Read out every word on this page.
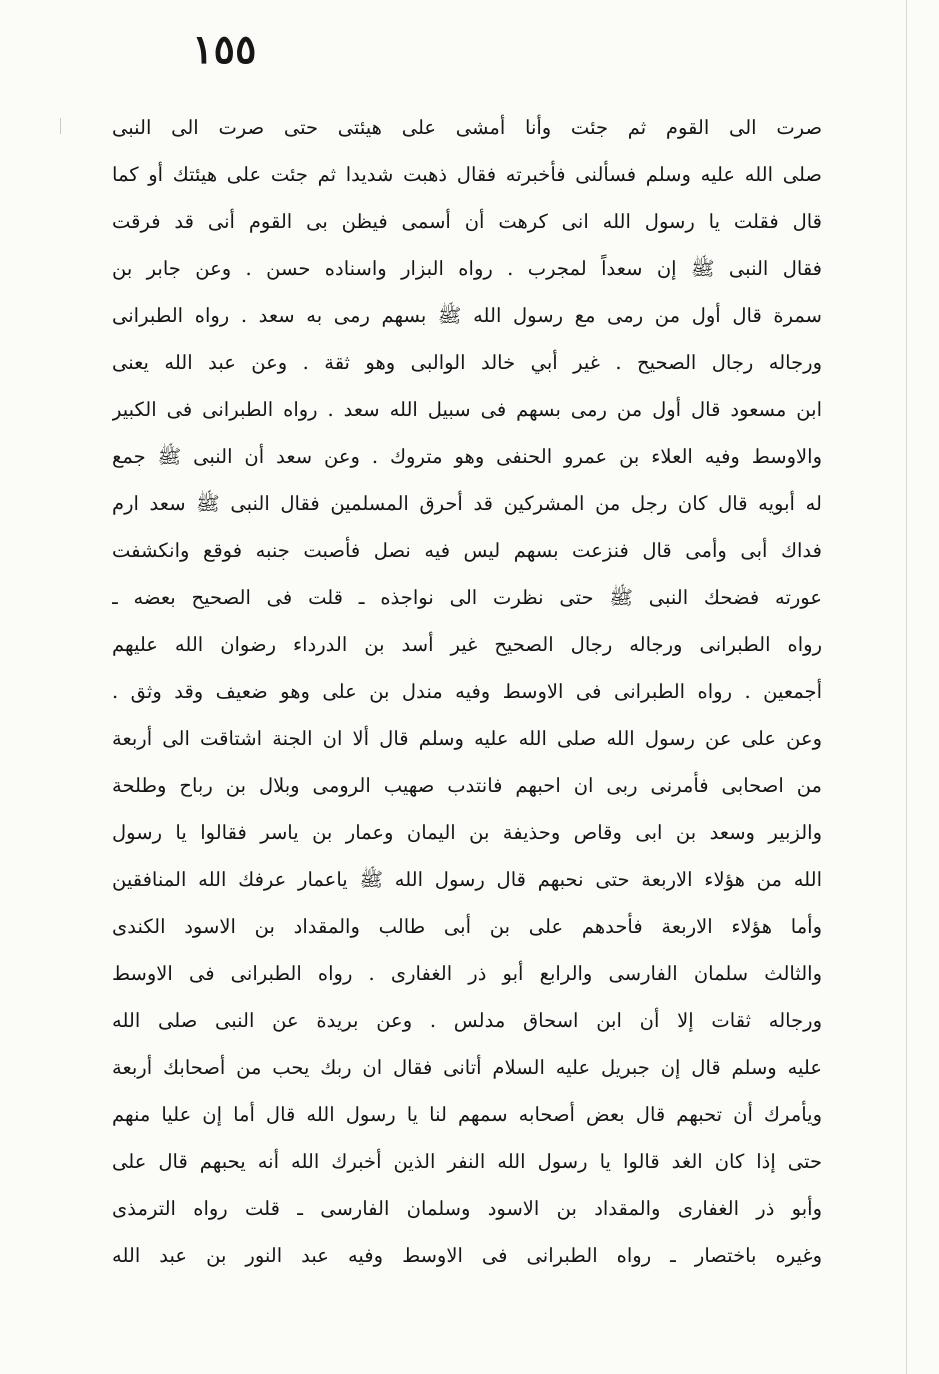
١٥٥
صرت الى القوم ثم جئت وأنا أمشى على هيئتى حتى صرت الى النبى
صلى الله عليه وسلم فسألنى فأخبرته فقال ذهبت شديدا ثم جئت على هيئتك أو كما
قال فقلت يا رسول الله انى كرهت أن أسمى فيظن بى القوم أنى قد فرقت
فقال النبى ﷺ إن سعداً لمجرب . رواه البزار واسناده حسن . وعن جابر بن
سمرة قال أول من رمى مع رسول الله ﷺ بسهم رمى به سعد . رواه الطبرانى
ورجاله رجال الصحيح . غير أبي خالد الوالبى وهو ثقة . وعن عبد الله يعنى
ابن مسعود قال أول من رمى بسهم فى سبيل الله سعد . رواه الطبرانى فى الكبير
والاوسط وفيه العلاء بن عمرو الحنفى وهو متروك . وعن سعد أن النبى ﷺ جمع
له أبويه قال كان رجل من المشركين قد أحرق المسلمين فقال النبى ﷺ سعد ارم
فداك أبى وأمى قال فنزعت بسهم ليس فيه نصل فأصبت جنبه فوقع وانكشفت
عورته فضحك النبى ﷺ حتى نظرت الى نواجذه ـ قلت فى الصحيح بعضه ـ
رواه الطبرانى ورجاله رجال الصحيح غير أسد بن الدرداء رضوان الله عليهم
أجمعين . رواه الطبرانى فى الاوسط وفيه مندل بن على وهو ضعيف وقد وثق .
وعن على عن رسول الله صلى الله عليه وسلم قال ألا ان الجنة اشتاقت الى أربعة
من اصحابى فأمرنى ربى ان احبهم فانتدب صهيب الرومى وبلال بن رباح وطلحة
والزبير وسعد بن ابى وقاص وحذيفة بن اليمان وعمار بن ياسر فقالوا يا رسول
الله من هؤلاء الاربعة حتى نحبهم قال رسول الله ﷺ ياعمار عرفك الله المنافقين
وأما هؤلاء الاربعة فأحدهم على بن أبى طالب والمقداد بن الاسود الكندى
والثالث سلمان الفارسى والرابع أبو ذر الغفارى . رواه الطبرانى فى الاوسط
ورجاله ثقات إلا أن ابن اسحاق مدلس . وعن بريدة عن النبى صلى الله
عليه وسلم قال إن جبريل عليه السلام أتانى فقال ان ربك يحب من أصحابك أربعة
ويأمرك أن تحبهم قال بعض أصحابه سمهم لنا يا رسول الله قال أما إن عليا منهم
حتى إذا كان الغد قالوا يا رسول الله النفر الذين أخبرك الله أنه يحبهم قال على
وأبو ذر الغفارى والمقداد بن الاسود وسلمان الفارسى ـ قلت رواه الترمذى
وغيره باختصار ـ رواه الطبرانى فى الاوسط وفيه عبد النور بن عبد الله
